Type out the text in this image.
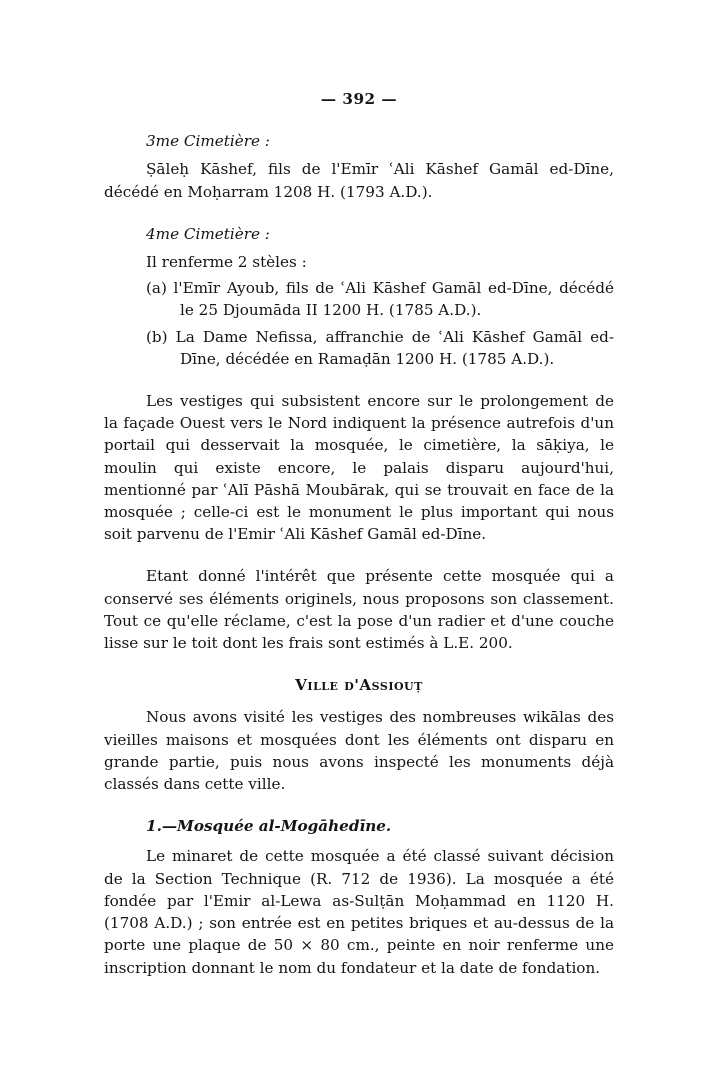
— 392 —
3me Cimetière :

Ṣāleḥ Kāshef, fils de l'Emīr ʿAli Kāshef Gamāl ed-Dīne, décédé en Moḥarram 1208 H. (1793 A.D.).

4me Cimetière :

Il renferme 2 stèles :

(a) l'Emīr Ayoub, fils de ʿAli Kāshef Gamāl ed-Dīne, décédé le 25 Djoumāda II 1200 H. (1785 A.D.).

(b) La Dame Nefissa, affranchie de ʿAli Kāshef Gamāl ed-Dīne, décédée en Ramaḍān 1200 H. (1785 A.D.).

Les vestiges qui subsistent encore sur le prolongement de la façade Ouest vers le Nord indiquent la présence autrefois d'un portail qui desservait la mosquée, le cimetière, la sāḳiya, le moulin qui existe encore, le palais disparu aujourd'hui, mentionné par ʿAlī Pāshā Moubārak, qui se trouvait en face de la mosquée ; celle-ci est le monument le plus important qui nous soit parvenu de l'Emir ʿAli Kāshef Gamāl ed-Dīne.

Etant donné l'intérêt que présente cette mosquée qui a conservé ses éléments originels, nous proposons son classement. Tout ce qu'elle réclame, c'est la pose d'un radier et d'une couche lisse sur le toit dont les frais sont estimés à L.E. 200.

Ville d'Assiouṭ

Nous avons visité les vestiges des nombreuses wikālas des vieilles maisons et mosquées dont les éléments ont disparu en grande partie, puis nous avons inspecté les monuments déjà classés dans cette ville.

1.—Mosquée al-Mogāhedīne.

Le minaret de cette mosquée a été classé suivant décision de la Section Technique (R. 712 de 1936). La mosquée a été fondée par l'Emir al-Lewa as-Sulṭān Moḥammad en 1120 H. (1708 A.D.) ; son entrée est en petites briques et au-dessus de la porte une plaque de 50 × 80 cm., peinte en noir renferme une inscription donnant le nom du fondateur et la date de fondation.
